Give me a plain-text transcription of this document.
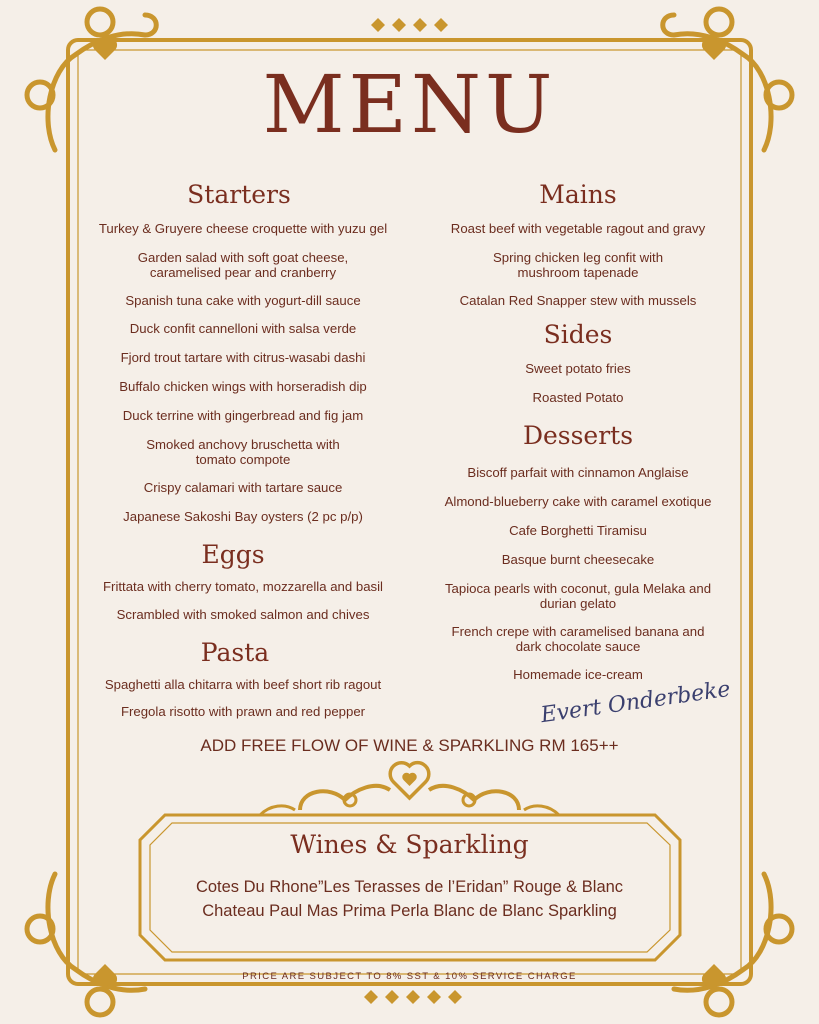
MENU
Starters
Turkey & Gruyere cheese croquette with yuzu gel
Garden salad with soft goat cheese,
caramelised pear and cranberry
Spanish tuna cake with yogurt-dill sauce
Duck confit cannelloni with salsa verde
Fjord trout tartare with citrus-wasabi dashi
Buffalo chicken wings with horseradish dip
Duck terrine with gingerbread and fig jam
Smoked anchovy bruschetta with
tomato compote
Crispy calamari with tartare sauce
Japanese Sakoshi Bay oysters (2 pc p/p)
Eggs
Frittata with cherry tomato, mozzarella and basil
Scrambled with smoked salmon and chives
Pasta
Spaghetti alla chitarra with beef short rib ragout
Fregola risotto with prawn and red pepper
Mains
Roast beef with vegetable ragout and gravy
Spring chicken leg confit with
mushroom tapenade
Catalan Red Snapper stew with mussels
Sides
Sweet potato fries
Roasted Potato
Desserts
Biscoff parfait with cinnamon Anglaise
Almond-blueberry cake with caramel exotique
Cafe Borghetti Tiramisu
Basque burnt cheesecake
Tapioca pearls with coconut, gula Melaka and
durian gelato
French crepe with caramelised banana and
dark chocolate sauce
Homemade ice-cream
Evert Onderbeke
ADD FREE FLOW OF WINE & SPARKLING RM 165++
Wines & Sparkling
Cotes Du Rhone”Les Terasses de l’Eridan” Rouge & Blanc
Chateau Paul Mas Prima Perla Blanc de Blanc Sparkling
PRICE ARE SUBJECT TO 8% SST & 10% SERVICE CHARGE
